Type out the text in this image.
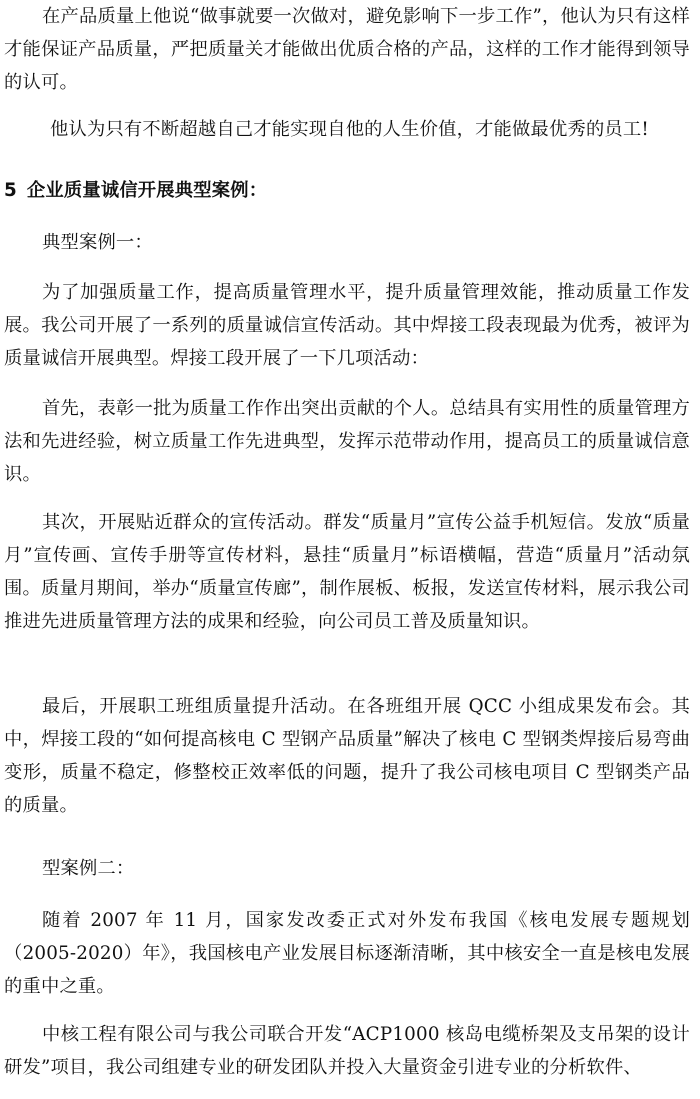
在产品质量上他说“做事就要一次做对，避免影响下一步工作”，他认为只有这样才能保证产品质量，严把质量关才能做出优质合格的产品，这样的工作才能得到领导的认可。

他认为只有不断超越自己才能实现自他的人生价值，才能做最优秀的员工!

5 企业质量诚信开展典型案例：

典型案例一：

为了加强质量工作，提高质量管理水平，提升质量管理效能，推动质量工作发展。我公司开展了一系列的质量诚信宣传活动。其中焊接工段表现最为优秀，被评为质量诚信开展典型。焊接工段开展了一下几项活动：

首先，表彰一批为质量工作作出突出贡献的个人。总结具有实用性的质量管理方法和先进经验，树立质量工作先进典型，发挥示范带动作用，提高员工的质量诚信意识。

其次，开展贴近群众的宣传活动。群发“质量月”宣传公益手机短信。发放“质量月”宣传画、宣传手册等宣传材料，悬挂“质量月”标语横幅，营造“质量月”活动氛围。质量月期间，举办“质量宣传廊”，制作展板、板报，发送宣传材料，展示我公司推进先进质量管理方法的成果和经验，向公司员工普及质量知识。

最后，开展职工班组质量提升活动。在各班组开展 QCC 小组成果发布会。其中，焊接工段的“如何提高核电 C 型钢产品质量”解决了核电 C 型钢类焊接后易弯曲变形，质量不稳定，修整校正效率低的问题，提升了我公司核电项目 C 型钢类产品的质量。

型案例二：

随着 2007 年 11 月，国家发改委正式对外发布我国《核电发展专题规划（2005-2020）年》，我国核电产业发展目标逐渐清晰，其中核安全一直是核电发展的重中之重。

中核工程有限公司与我公司联合开发“ACP1000 核岛电缆桥架及支吊架的设计研发”项目，我公司组建专业的研发团队并投入大量资金引进专业的分析软件、
